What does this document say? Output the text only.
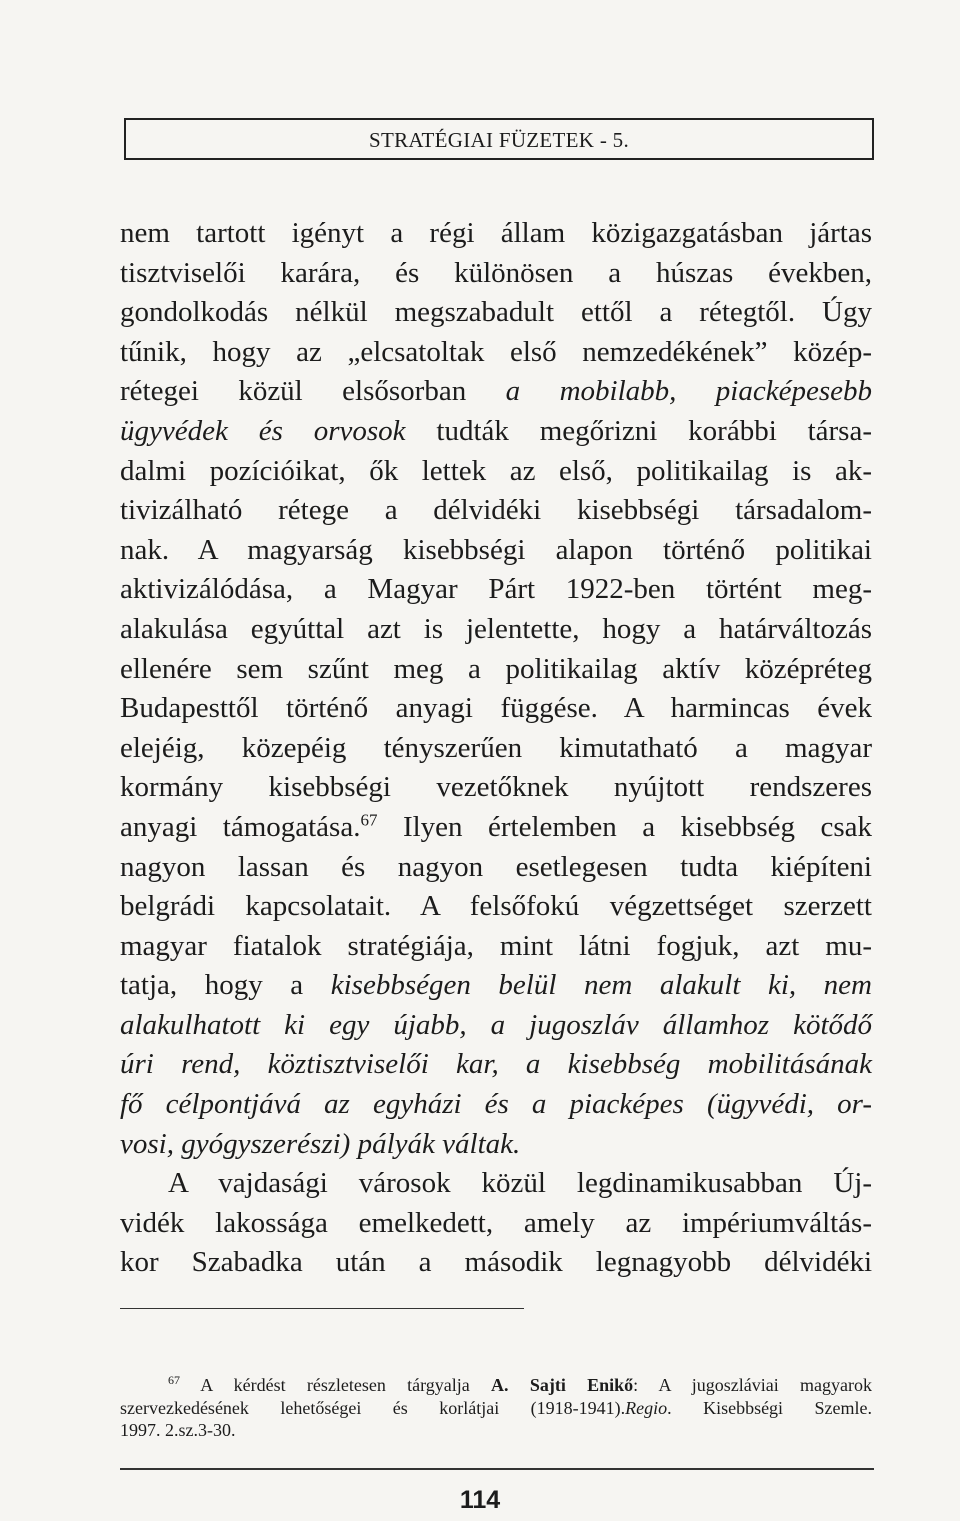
STRATÉGIAI FÜZETEK - 5.
nem tartott igényt a régi állam közigazgatásban jártas
tisztviselői karára, és különösen a húszas években,
gondolkodás nélkül megszabadult ettől a rétegtől. Úgy
tűnik, hogy az „elcsatoltak első nemzedékének” közép-
rétegei közül elsősorban a mobilabb, piacképesebb
ügyvédek és orvosok tudták megőrizni korábbi társa-
dalmi pozícióikat, ők lettek az első, politikailag is ak-
tivizálható rétege a délvidéki kisebbségi társadalom-
nak. A magyarság kisebbségi alapon történő politikai
aktivizálódása, a Magyar Párt 1922-ben történt meg-
alakulása egyúttal azt is jelentette, hogy a határváltozás
ellenére sem szűnt meg a politikailag aktív középréteg
Budapesttől történő anyagi függése. A harmincas évek
elejéig, közepéig tényszerűen kimutatható a magyar
kormány kisebbségi vezetőknek nyújtott rendszeres
anyagi támogatása.$^{67}$ Ilyen értelemben a kisebbség csak
nagyon lassan és nagyon esetlegesen tudta kiépíteni
belgrádi kapcsolatait. A felsőfokú végzettséget szerzett
magyar fiatalok stratégiája, mint látni fogjuk, azt mu-
tatja, hogy a kisebbségen belül nem alakult ki, nem
alakulhatott ki egy újabb, a jugoszláv államhoz kötődő
úri rend, köztisztviselői kar, a kisebbség mobilitásának
fő célpontjává az egyházi és a piacképes (ügyvédi, or-
vosi, gyógyszerészi) pályák váltak.
A vajdasági városok közül legdinamikusabban Új-
vidék lakossága emelkedett, amely az impériumváltás-
kor Szabadka után a második legnagyobb délvidéki
$^{67}$ A kérdést részletesen tárgyalja A. Sajti Enikő: A jugoszláviai magyarok
szervezkedésének lehetőségei és korlátjai (1918-1941).Regio. Kisebbségi Szemle.
1997. 2.sz.3-30.
114
